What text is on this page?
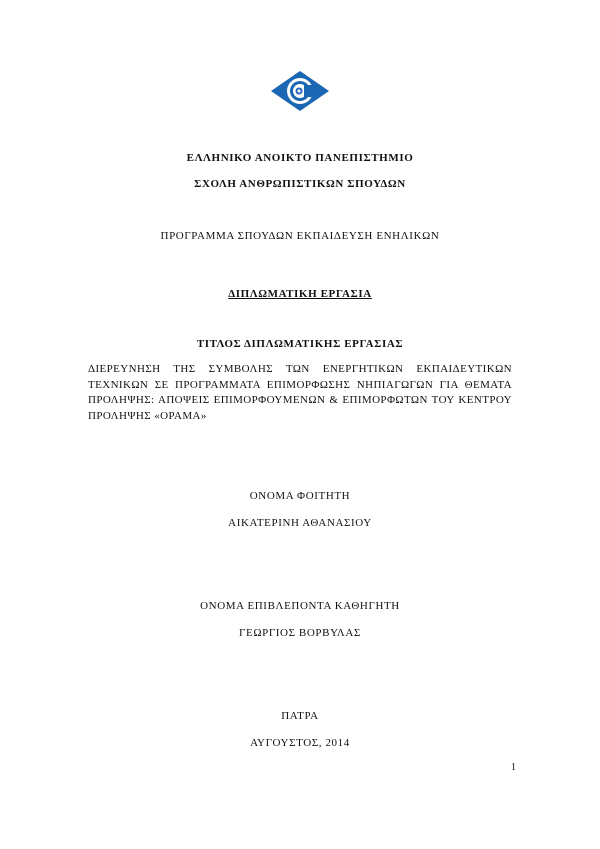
ΕΛΛΗΝΙΚΟ ΑΝΟΙΚΤΟ ΠΑΝΕΠΙΣΤΗΜΙΟ
ΣΧΟΛΗ ΑΝΘΡΩΠΙΣΤΙΚΩΝ ΣΠΟΥΔΩΝ
ΠΡΟΓΡΑΜΜΑ ΣΠΟΥΔΩΝ ΕΚΠΑΙΔΕΥΣΗ ΕΝΗΛΙΚΩΝ
ΔΙΠΛΩΜΑΤΙΚΗ ΕΡΓΑΣΙΑ
ΤΙΤΛΟΣ ΔΙΠΛΩΜΑΤΙΚΗΣ ΕΡΓΑΣΙΑΣ
ΔΙΕΡΕΥΝΗΣΗ ΤΗΣ ΣΥΜΒΟΛΗΣ ΤΩΝ ΕΝΕΡΓΗΤΙΚΩΝ ΕΚΠΑΙΔΕΥΤΙΚΩΝ ΤΕΧΝΙΚΩΝ ΣΕ ΠΡΟΓΡΑΜΜΑΤΑ ΕΠΙΜΟΡΦΩΣΗΣ ΝΗΠΙΑΓΩΓΩΝ ΓΙΑ ΘΕΜΑΤΑ ΠΡΟΛΗΨΗΣ: ΑΠΟΨΕΙΣ ΕΠΙΜΟΡΦΟΥΜΕΝΩΝ & ΕΠΙΜΟΡΦΩΤΩΝ ΤΟΥ ΚΕΝΤΡΟΥ ΠΡΟΛΗΨΗΣ «ΟΡΑΜΑ»
ΟΝΟΜΑ ΦΟΙΤΗΤΗ
ΑΙΚΑΤΕΡΙΝΗ ΑΘΑΝΑΣΙΟΥ
ΟΝΟΜΑ ΕΠΙΒΛΕΠΟΝΤΑ ΚΑΘΗΓΗΤΗ
ΓΕΩΡΓΙΟΣ ΒΟΡΒΥΛΑΣ
ΠΑΤΡΑ
ΑΥΓΟΥΣΤΟΣ, 2014
1
